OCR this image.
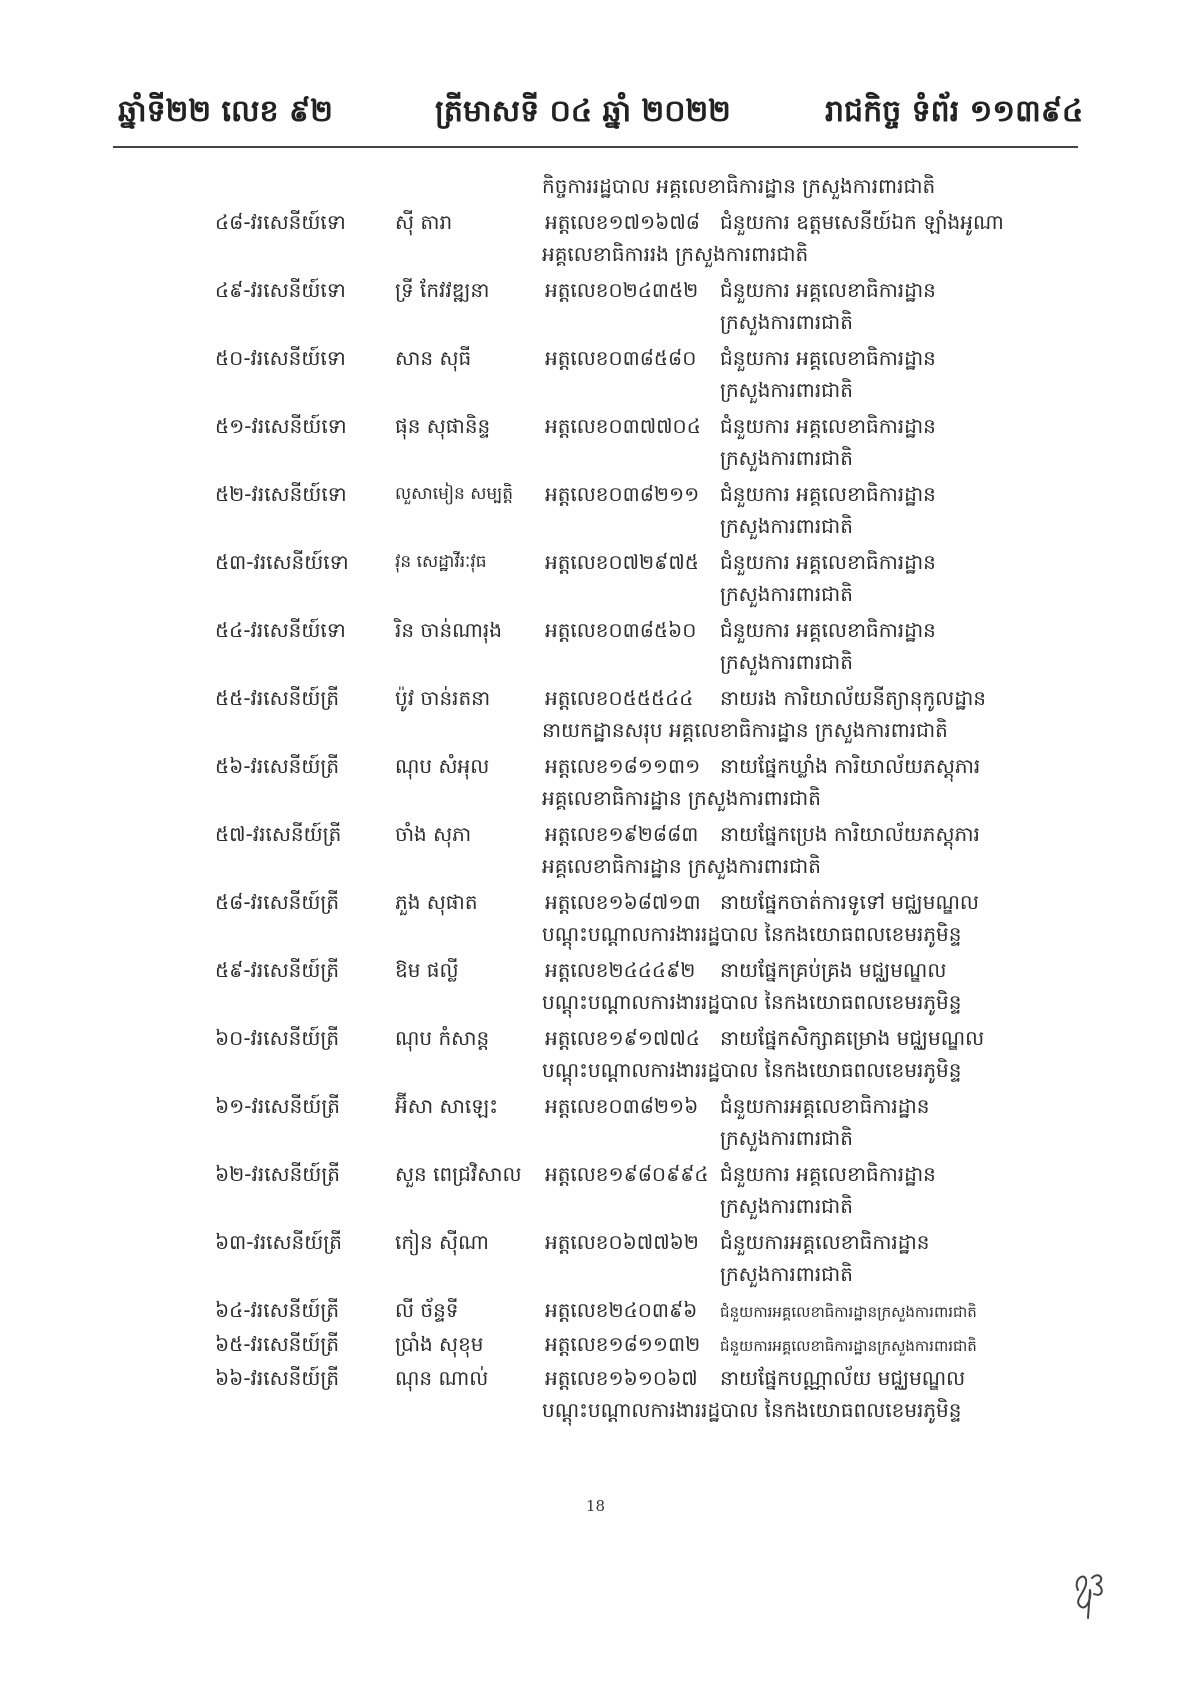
ឆ្នាំទី២២ លេខ ៩២	ត្រីមាសទី ០៤ ឆ្នាំ ២០២២	រាជកិច្ច ទំព័រ ១១៣៩៤
កិច្ចការរដ្ឋបាល អគ្គលេខាធិការដ្ឋាន ក្រសួងការពារជាតិ
៤៨-វរសេនីយ៍ទោ ស៊ី តារា	អត្តលេខ១៧១៦៧៨ ជំនួយការ ឧត្តមសេនីយ៍ឯក ឡាំងអូណា
អគ្គលេខាធិការរង ក្រសួងការពារជាតិ
៤៩-វរសេនីយ៍ទោ ទ្រី កែវវឌ្ឍនា	អត្តលេខ០២៤៣៥២ ជំនួយការ អគ្គលេខាធិការដ្ឋាន
ក្រសួងការពារជាតិ
៥០-វរសេនីយ៍ទោ សាន សុធី	អត្តលេខ០៣៨៥៨០ ជំនួយការ អគ្គលេខាធិការដ្ឋាន
ក្រសួងការពារជាតិ
៥១-វរសេនីយ៍ទោ ផុន សុផានិន្ទ	អត្តលេខ០៣៧៧០៤ ជំនួយការ អគ្គលេខាធិការដ្ឋាន
ក្រសួងការពារជាតិ
៥២-វរសេនីយ៍ទោ	លួសាមៀន សម្បត្តិ អត្តលេខ០៣៨២១១ ជំនួយការ អគ្គលេខាធិការដ្ឋាន
ក្រសួងការពារជាតិ
៥៣-វរសេនីយ៍ទោ	វុន សេដ្ឋាវីរៈវុធ	អត្តលេខ០៧២៩៧៥ ជំនួយការ អគ្គលេខាធិការដ្ឋាន
ក្រសួងការពារជាតិ
៥៤-វរសេនីយ៍ទោ រិន ចាន់ណារុង អត្តលេខ០៣៨៥៦០ ជំនួយការ អគ្គលេខាធិការដ្ឋាន
ក្រសួងការពារជាតិ
៥៥-វរសេនីយ៍ត្រី	ប៉ូវ ចាន់រតនា	អត្តលេខ០៥៥៥៤៤ នាយរង ការិយាល័យនីត្យានុកូលដ្ឋាន
នាយកដ្ឋានសរុប អគ្គលេខាធិការដ្ឋាន ក្រសួងការពារជាតិ
៥៦-វរសេនីយ៍ត្រី	ណុប សំអុល	អត្តលេខ១៨១១៣១ នាយផ្នែកឃ្លាំង ការិយាល័យភស្តុភារ
អគ្គលេខាធិការដ្ឋាន ក្រសួងការពារជាតិ
៥៧-វរសេនីយ៍ត្រី	ចាំង សុភា	អត្តលេខ១៩២៨៨៣ នាយផ្នែកប្រេង ការិយាល័យភស្តុភារ
អគ្គលេខាធិការដ្ឋាន ក្រសួងការពារជាតិ
៥៨-វរសេនីយ៍ត្រី	ភួង សុផាត	អត្តលេខ១៦៨៧១៣ នាយផ្នែកចាត់ការទូទៅ មជ្ឈមណ្ឌល
បណ្តុះបណ្តាលការងាររដ្ឋបាល នៃកងយោធពលខេមរភូមិន្ទ
៥៩-វរសេនីយ៍ត្រី	ឱម ផល្លី	អត្តលេខ២៤៤៤៩២ នាយផ្នែកគ្រប់គ្រង មជ្ឈមណ្ឌល
បណ្តុះបណ្តាលការងាររដ្ឋបាល នៃកងយោធពលខេមរភូមិន្ទ
៦០-វរសេនីយ៍ត្រី	ណុប កំសាន្ត	អត្តលេខ១៩១៧៧៤ នាយផ្នែកសិក្សាគម្រោង មជ្ឈមណ្ឌល
បណ្តុះបណ្តាលការងាររដ្ឋបាល នៃកងយោធពលខេមរភូមិន្ទ
៦១-វរសេនីយ៍ត្រី	អ៊ីសា សាឡេះ អត្តលេខ០៣៨២១៦ ជំនួយការអគ្គលេខាធិការដ្ឋាន
ក្រសួងការពារជាតិ
៦២-វរសេនីយ៍ត្រី	សួន ពេជ្រវិសាល អត្តលេខ១៩៨០៩៩៤ ជំនួយការ អគ្គលេខាធិការដ្ឋាន
ក្រសួងការពារជាតិ
៦៣-វរសេនីយ៍ត្រី	កៀន ស៊ីណា	អត្តលេខ០៦៧៧៦២ ជំនួយការអគ្គលេខាធិការដ្ឋាន
ក្រសួងការពារជាតិ
៦៤-វរសេនីយ៍ត្រី	លី ច័ន្ទទី	អត្តលេខ២៤០៣៩៦ ជំនួយការអគ្គលេខាធិការដ្ឋានក្រសួងការពារជាតិ
៦៥-វរសេនីយ៍ត្រី	ប្រាំង សុខុម	អត្តលេខ១៨១១៣២ ជំនួយការអគ្គលេខាធិការដ្ឋានក្រសួងការពារជាតិ
៦៦-វរសេនីយ៍ត្រី	ណុន ណាល់	អត្តលេខ១៦១០៦៧ នាយផ្នែកបណ្ណាល័យ មជ្ឈមណ្ឌល
បណ្តុះបណ្តាលការងាររដ្ឋបាល នៃកងយោធពលខេមរភូមិន្ទ
18
